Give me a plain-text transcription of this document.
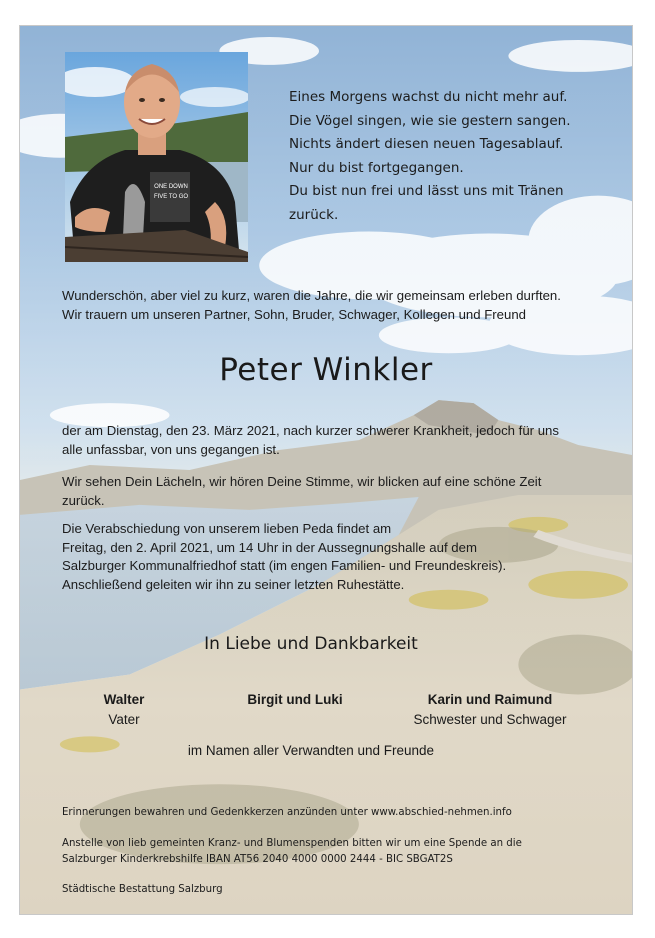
ONE DOWN
FIVE TO GO
Eines Morgens wachst du nicht mehr auf.
Die Vögel singen, wie sie gestern sangen.
Nichts ändert diesen neuen Tagesablauf.
Nur du bist fortgegangen.
Du bist nun frei und lässt uns mit Tränen
zurück.
Wunderschön, aber viel zu kurz, waren die Jahre, die wir gemeinsam erleben durften. Wir trauern um unseren Partner, Sohn, Bruder, Schwager, Kollegen und Freund
Peter Winkler
der am Dienstag, den 23. März 2021, nach kurzer schwerer Krankheit, jedoch für uns alle unfassbar, von uns gegangen ist.
Wir sehen Dein Lächeln, wir hören Deine Stimme, wir blicken auf eine schöne Zeit zurück.
Die Verabschiedung von unserem lieben Peda findet am
Freitag, den 2. April 2021, um 14 Uhr in der Aussegnungshalle auf dem
Salzburger Kommunalfriedhof statt (im engen Familien- und Freundeskreis).
Anschließend geleiten wir ihn zu seiner letzten Ruhestätte.
In Liebe und Dankbarkeit
Walter
Vater
Birgit und Luki	Karin und Raimund
Schwester und Schwager
im Namen aller Verwandten und Freunde
Erinnerungen bewahren und Gedenkkerzen anzünden unter www.abschied-nehmen.info
Anstelle von lieb gemeinten Kranz- und Blumenspenden bitten wir um eine Spende an die
Salzburger Kinderkrebshilfe IBAN AT56 2040 4000 0000 2444 - BIC SBGAT2S
Städtische Bestattung Salzburg
